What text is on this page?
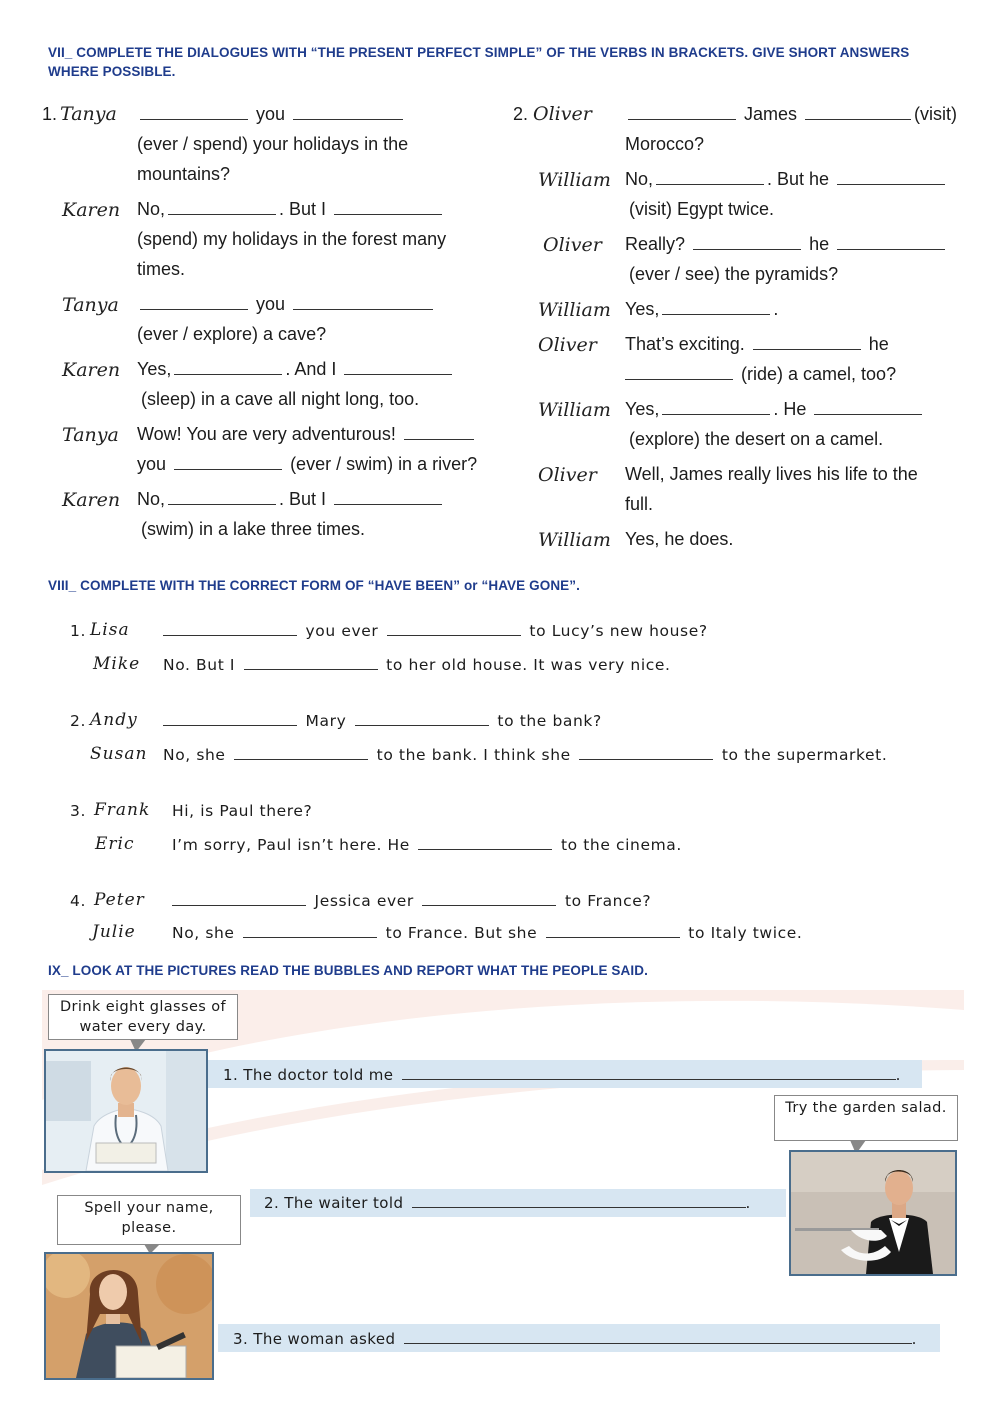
VII_ COMPLETE THE DIALOGUES WITH “THE PRESENT PERFECT SIMPLE” OF THE VERBS IN BRACKETS. GIVE SHORT ANSWERS WHERE POSSIBLE.
1. Tanya	you
(ever / spend) your holidays in the
mountains?
Karen No,	. But I
(spend) my holidays in the forest many
times.
Tanya	you
(ever / explore) a cave?
Karen Yes,	. And I
(sleep) in a cave all night long, too.
Tanya Wow! You are very adventurous!
you	(ever / swim) in a river?
Karen No,	. But I
(swim) in a lake three times.
2. Oliver	James	(visit)
Morocco?
William No,	. But he
(visit) Egypt twice.
Oliver Really?	he
(ever / see) the pyramids?
William Yes,	.
Oliver That’s exciting.	he
(ride) a camel, too?
William Yes,	. He
(explore) the desert on a camel.
Oliver Well, James really lives his life to the
full.
William Yes, he does.
VIII_ COMPLETE WITH THE CORRECT FORM OF “HAVE BEEN” or “HAVE GONE”.
1. Lisa	you ever	to Lucy’s new house?
Mike No. But I	to her old house. It was very nice.
2. Andy	Mary	to the bank?
Susan No, she	to the bank. I think she	to the supermarket.
3. Frank Hi, is Paul there?
Eric I’m sorry, Paul isn’t here. He	to the cinema.
4. Peter	Jessica ever	to France?
Julie No, she	to France. But she	to Italy twice.
IX_ LOOK AT THE PICTURES READ THE BUBBLES AND REPORT WHAT THE PEOPLE SAID.
Drink eight glasses of water every day.
1. The doctor told me	.
Try the garden salad.
2. The waiter told	.
Spell your name, please.
3. The woman asked	.
